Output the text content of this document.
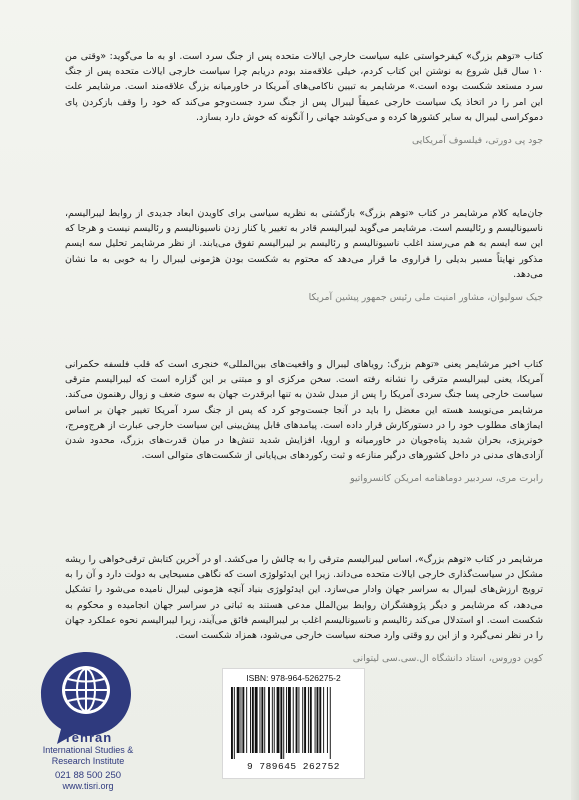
کتاب «توهم بزرگ» کیفرخواستی علیه سیاست خارجی ایالات متحده پس از جنگ سرد است. او به ما می‌گوید: «وقتی من ۱۰ سال قبل شروع به نوشتن این کتاب کردم، خیلی علاقه‌مند بودم دریابم چرا سیاست خارجی ایالات متحده پس از جنگ سرد مستعد شکست بوده است.» مرشایمر به تبیین ناکامی‌های آمریکا در خاورمیانه بزرگ علاقه‌مند است. مرشایمر علت این امر را در اتخاذ یک سیاست خارجی عمیقاً لیبرال پس از جنگ سرد جست‌وجو می‌کند که خود را وقف بازکردن پای دموکراسی لیبرال به سایر کشورها کرده و می‌کوشد جهانی را آنگونه که خوش دارد بسازد.

جود پی دورتی، فیلسوف آمریکایی

جان‌مایه کلام مرشایمر در کتاب «توهم بزرگ» بازگشتی به نظریه سیاسی برای کاویدن ابعاد جدیدی از روابط لیبرالیسم، ناسیونالیسم و رئالیسم است. مرشایمر می‌گوید لیبرالیسم قادر به تغییر یا کنار زدن ناسیونالیسم و رئالیسم نیست و هرجا که این سه ایسم به هم می‌رسند اغلب ناسیونالیسم و رئالیسم بر لیبرالیسم تفوق می‌یابند. از نظر مرشایمر تحلیل سه ایسم مذکور نهایتاً مسیر بدیلی را فراروی ما قرار می‌دهد که محتوم به شکست بودن هژمونی لیبرال را به خوبی به ما نشان می‌دهد.

جیک سولیوان، مشاور امنیت ملی رئیس جمهور پیشین آمریکا

کتاب اخیر مرشایمر یعنی «توهم بزرگ: رویاهای لیبرال و واقعیت‌های بین‌المللی» خنجری است که قلب فلسفه حکمرانی آمریکا، یعنی لیبرالیسم مترقی را نشانه رفته است. سخن مرکزی او و مبتنی بر این گزاره است که لیبرالیسم مترقی سیاست خارجی پسا جنگ سردی آمریکا را پس از مبدل شدن به تنها ابرقدرت جهان به سوی ضعف و زوال رهنمون می‌کند. مرشایمر می‌نویسد هسته این معضل را باید در آنجا جست‌وجو کرد که پس از جنگ سرد آمریکا تغییر جهان بر اساس ایماژهای مطلوب خود را در دستورکارش قرار داده است. پیامدهای قابل پیش‌بینی این سیاست خارجی عبارت از هرج‌ومرج، خونریزی، بحران شدید پناه‌جویان در خاورمیانه و اروپا، افزایش شدید تنش‌ها در میان قدرت‌های بزرگ، محدود شدن آزادی‌های مدنی در داخل کشورهای درگیر منازعه و ثبت رکوردهای بی‌پایانی از شکست‌های متوالی است.

رابرت مری، سردبیر دوماهنامه امریکن کانسرواتیو

مرشایمر در کتاب «توهم بزرگ»، اساس لیبرالیسم مترقی را به چالش را می‌کشد. او در آخرین کتابش ترقی‌خواهی را ریشه مشکل در سیاست‌گذاری خارجی ایالات متحده می‌داند. زیرا این ایدئولوژی است که نگاهی مسیحایی به دولت دارد و آن را به ترویج ارزش‌های لیبرال به سراسر جهان وادار می‌سازد. این ایدئولوژی بنیاد آنچه هژمونی لیبرال نامیده می‌شود را تشکیل می‌دهد، که مرشایمر و دیگر پژوهشگران روابط بین‌الملل مدعی هستند به ثباتی در سراسر جهان انجامیده و محکوم به شکست است. او استدلال می‌کند رئالیسم و ناسیونالیسم اغلب بر لیبرالیسم فائق می‌آیند، زیرا لیبرالیسم نحوه عملکرد جهان را در نظر نمی‌گیرد و از این رو وقتی وارد صحنه سیاست خارجی می‌شود، همزاد شکست است.

کوین دوروس، استاد دانشگاه ال.سی.سی لیتوانی
Tehran
International Studies &
Research Institute
021 88 500 250
www.tisri.org
ISBN: 978-964-526275-2
9 789645 262752
